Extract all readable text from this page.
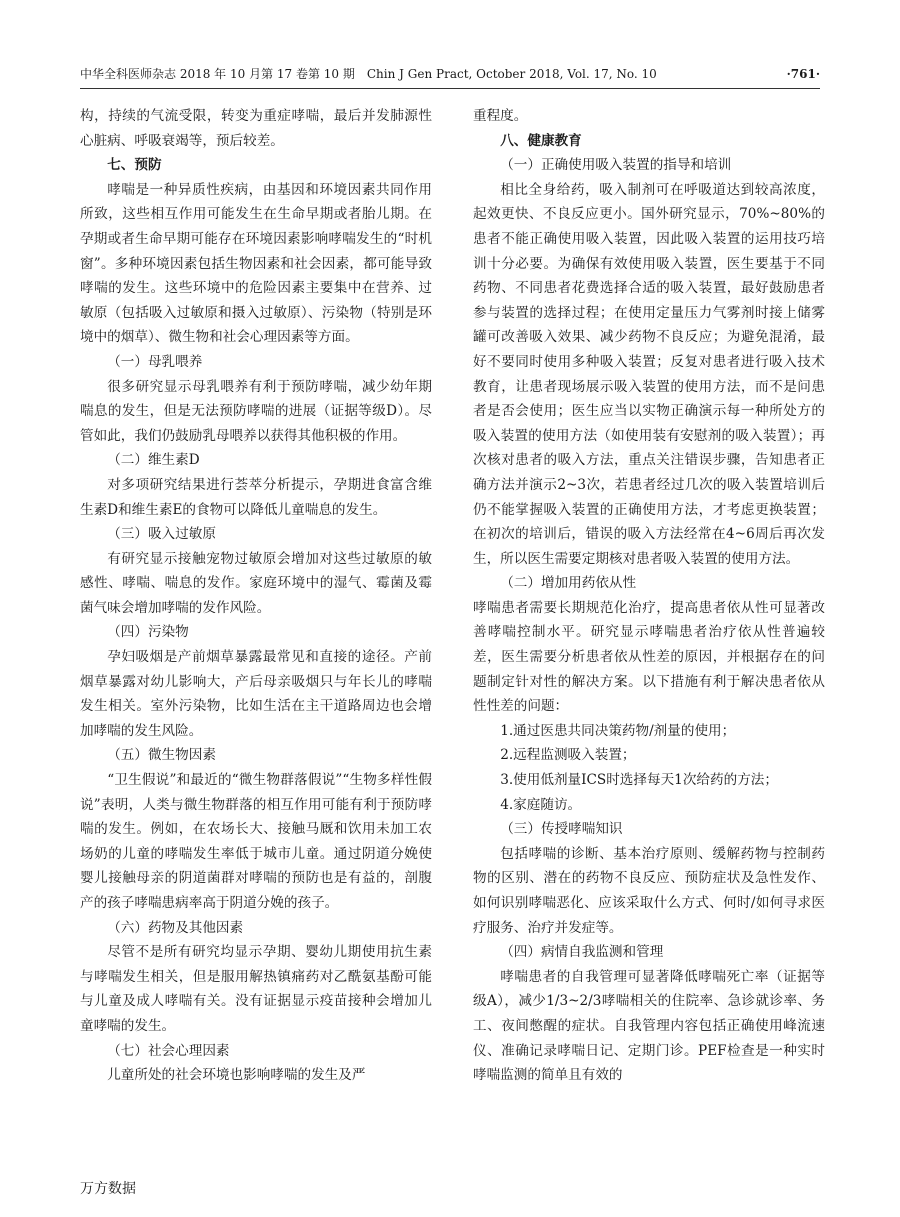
中华全科医师杂志 2018 年 10 月第 17 卷第 10 期　Chin J Gen Pract, October 2018, Vol. 17, No. 10	·761·

构，持续的气流受限，转变为重症哮喘，最后并发肺源性心脏病、呼吸衰竭等，预后较差。

七、预防

哮喘是一种异质性疾病，由基因和环境因素共同作用所致，这些相互作用可能发生在生命早期或者胎儿期。在孕期或者生命早期可能存在环境因素影响哮喘发生的“时机窗”。多种环境因素包括生物因素和社会因素，都可能导致哮喘的发生。这些环境中的危险因素主要集中在营养、过敏原（包括吸入过敏原和摄入过敏原）、污染物（特别是环境中的烟草）、微生物和社会心理因素等方面。

（一）母乳喂养

很多研究显示母乳喂养有利于预防哮喘，减少幼年期喘息的发生，但是无法预防哮喘的进展（证据等级D）。尽管如此，我们仍鼓励乳母喂养以获得其他积极的作用。

（二）维生素D

对多项研究结果进行荟萃分析提示，孕期进食富含维生素D和维生素E的食物可以降低儿童喘息的发生。

（三）吸入过敏原

有研究显示接触宠物过敏原会增加对这些过敏原的敏感性、哮喘、喘息的发作。家庭环境中的湿气、霉菌及霉菌气味会增加哮喘的发作风险。

（四）污染物

孕妇吸烟是产前烟草暴露最常见和直接的途径。产前烟草暴露对幼儿影响大，产后母亲吸烟只与年长儿的哮喘发生相关。室外污染物，比如生活在主干道路周边也会增加哮喘的发生风险。

（五）微生物因素

“卫生假说”和最近的“微生物群落假说”“生物多样性假说”表明，人类与微生物群落的相互作用可能有利于预防哮喘的发生。例如，在农场长大、接触马厩和饮用未加工农场奶的儿童的哮喘发生率低于城市儿童。通过阴道分娩使婴儿接触母亲的阴道菌群对哮喘的预防也是有益的，剖腹产的孩子哮喘患病率高于阴道分娩的孩子。

（六）药物及其他因素

尽管不是所有研究均显示孕期、婴幼儿期使用抗生素与哮喘发生相关，但是服用解热镇痛药对乙酰氨基酚可能与儿童及成人哮喘有关。没有证据显示疫苗接种会增加儿童哮喘的发生。

（七）社会心理因素

儿童所处的社会环境也影响哮喘的发生及严

重程度。

八、健康教育

（一）正确使用吸入装置的指导和培训

相比全身给药，吸入制剂可在呼吸道达到较高浓度，起效更快、不良反应更小。国外研究显示，70%~80%的患者不能正确使用吸入装置，因此吸入装置的运用技巧培训十分必要。为确保有效使用吸入装置，医生要基于不同药物、不同患者花费选择合适的吸入装置，最好鼓励患者参与装置的选择过程；在使用定量压力气雾剂时接上储雾罐可改善吸入效果、减少药物不良反应；为避免混淆，最好不要同时使用多种吸入装置；反复对患者进行吸入技术教育，让患者现场展示吸入装置的使用方法，而不是问患者是否会使用；医生应当以实物正确演示每一种所处方的吸入装置的使用方法（如使用装有安慰剂的吸入装置）；再次核对患者的吸入方法，重点关注错误步骤，告知患者正确方法并演示2~3次，若患者经过几次的吸入装置培训后仍不能掌握吸入装置的正确使用方法，才考虑更换装置；在初次的培训后，错误的吸入方法经常在4~6周后再次发生，所以医生需要定期核对患者吸入装置的使用方法。

（二）增加用药依从性

哮喘患者需要长期规范化治疗，提高患者依从性可显著改善哮喘控制水平。研究显示哮喘患者治疗依从性普遍较差，医生需要分析患者依从性差的原因，并根据存在的问题制定针对性的解决方案。以下措施有利于解决患者依从性性差的问题：

1.通过医患共同决策药物/剂量的使用；

2.远程监测吸入装置；

3.使用低剂量ICS时选择每天1次给药的方法；

4.家庭随访。

（三）传授哮喘知识

包括哮喘的诊断、基本治疗原则、缓解药物与控制药物的区别、潜在的药物不良反应、预防症状及急性发作、如何识别哮喘恶化、应该采取什么方式、何时/如何寻求医疗服务、治疗并发症等。

（四）病情自我监测和管理

哮喘患者的自我管理可显著降低哮喘死亡率（证据等级A），减少1/3~2/3哮喘相关的住院率、急诊就诊率、务工、夜间憋醒的症状。自我管理内容包括正确使用峰流速仪、准确记录哮喘日记、定期门诊。PEF检查是一种实时哮喘监测的简单且有效的

万方数据
